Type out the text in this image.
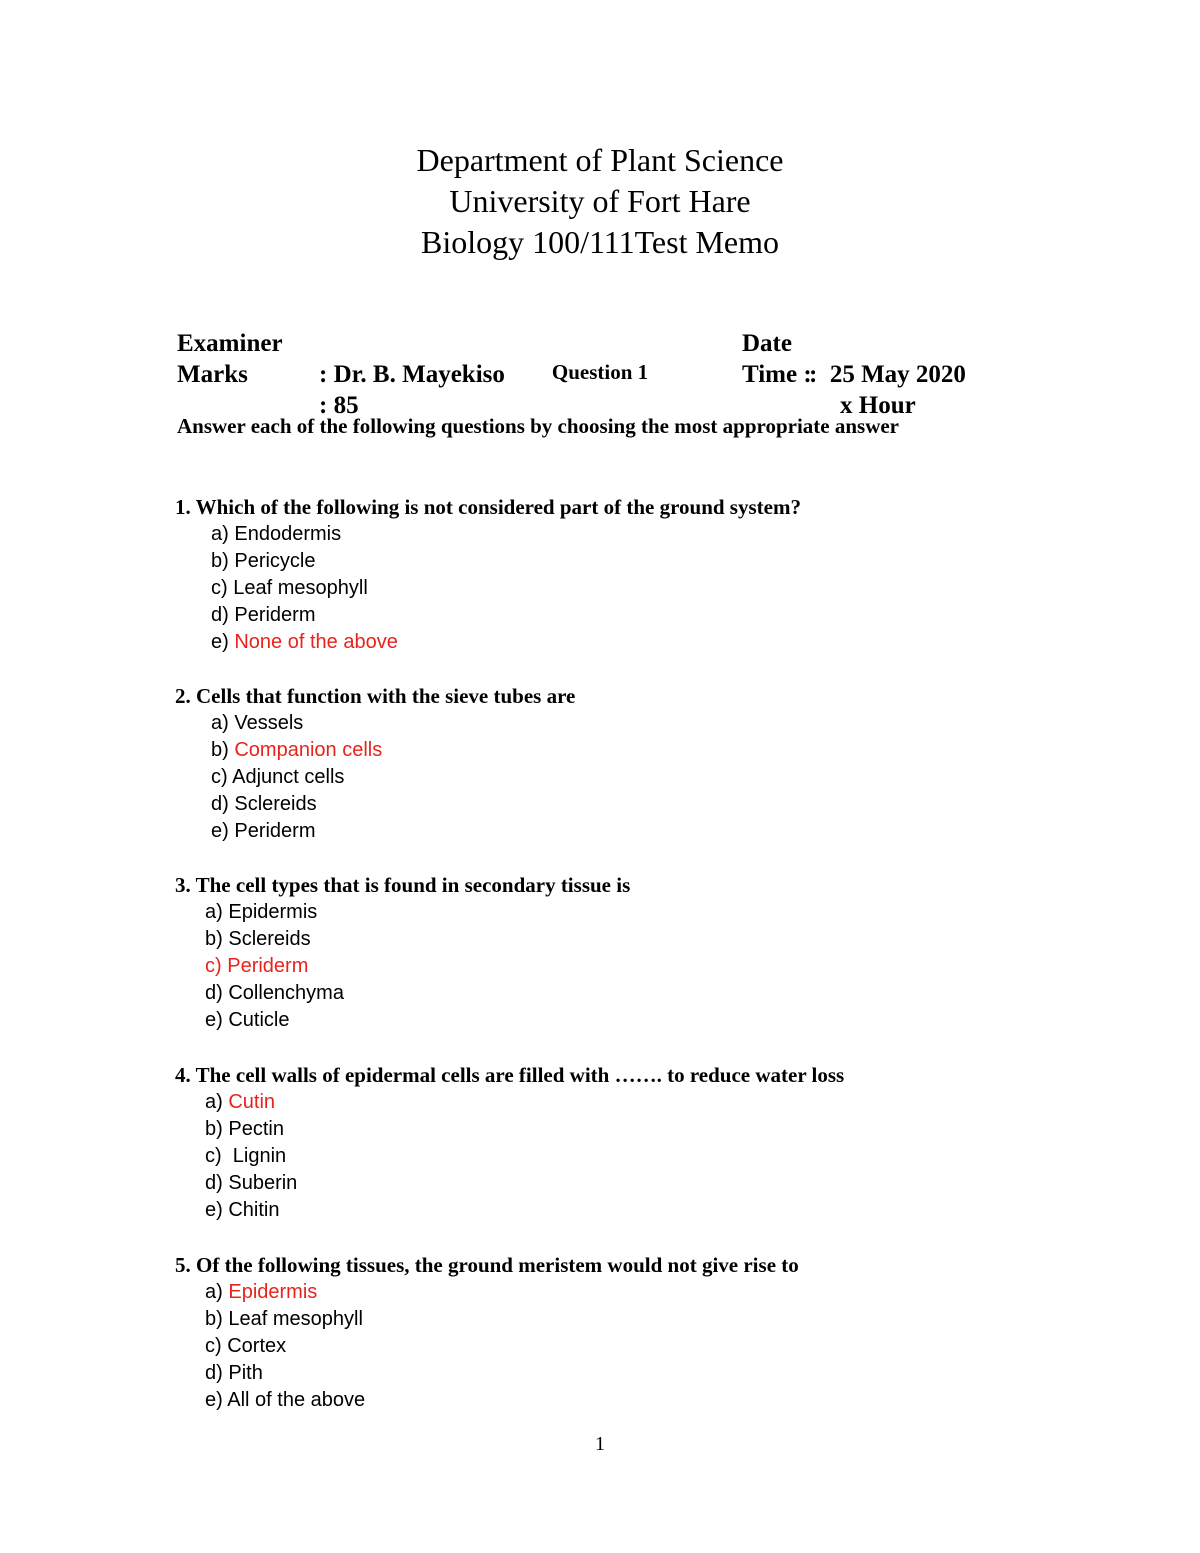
Department of Plant Science
University of Fort Hare
Biology 100/111Test Memo

Examiner

: Dr. B. Mayekiso

Date

:  25 May 2020

Marks

: 85

Time :

x Hour

Question 1
Answer each of the following questions by choosing the most appropriate answer
1. Which of the following is not considered part of the ground system?
a) Endodermis
b) Pericycle
c) Leaf mesophyll
d) Periderm
e) None of the above
2. Cells that function with the sieve tubes are
a) Vessels
b) Companion cells
c) Adjunct cells
d) Sclereids
e) Periderm
3. The cell types that is found in secondary tissue is
a) Epidermis
b) Sclereids
c) Periderm
d) Collenchyma
e) Cuticle
4. The cell walls of epidermal cells are filled with ……. to reduce water loss
a) Cutin
b) Pectin
c)  Lignin
d) Suberin
e) Chitin
5. Of the following tissues, the ground meristem would not give rise to
a) Epidermis
b) Leaf mesophyll
c) Cortex
d) Pith
e) All of the above
1
